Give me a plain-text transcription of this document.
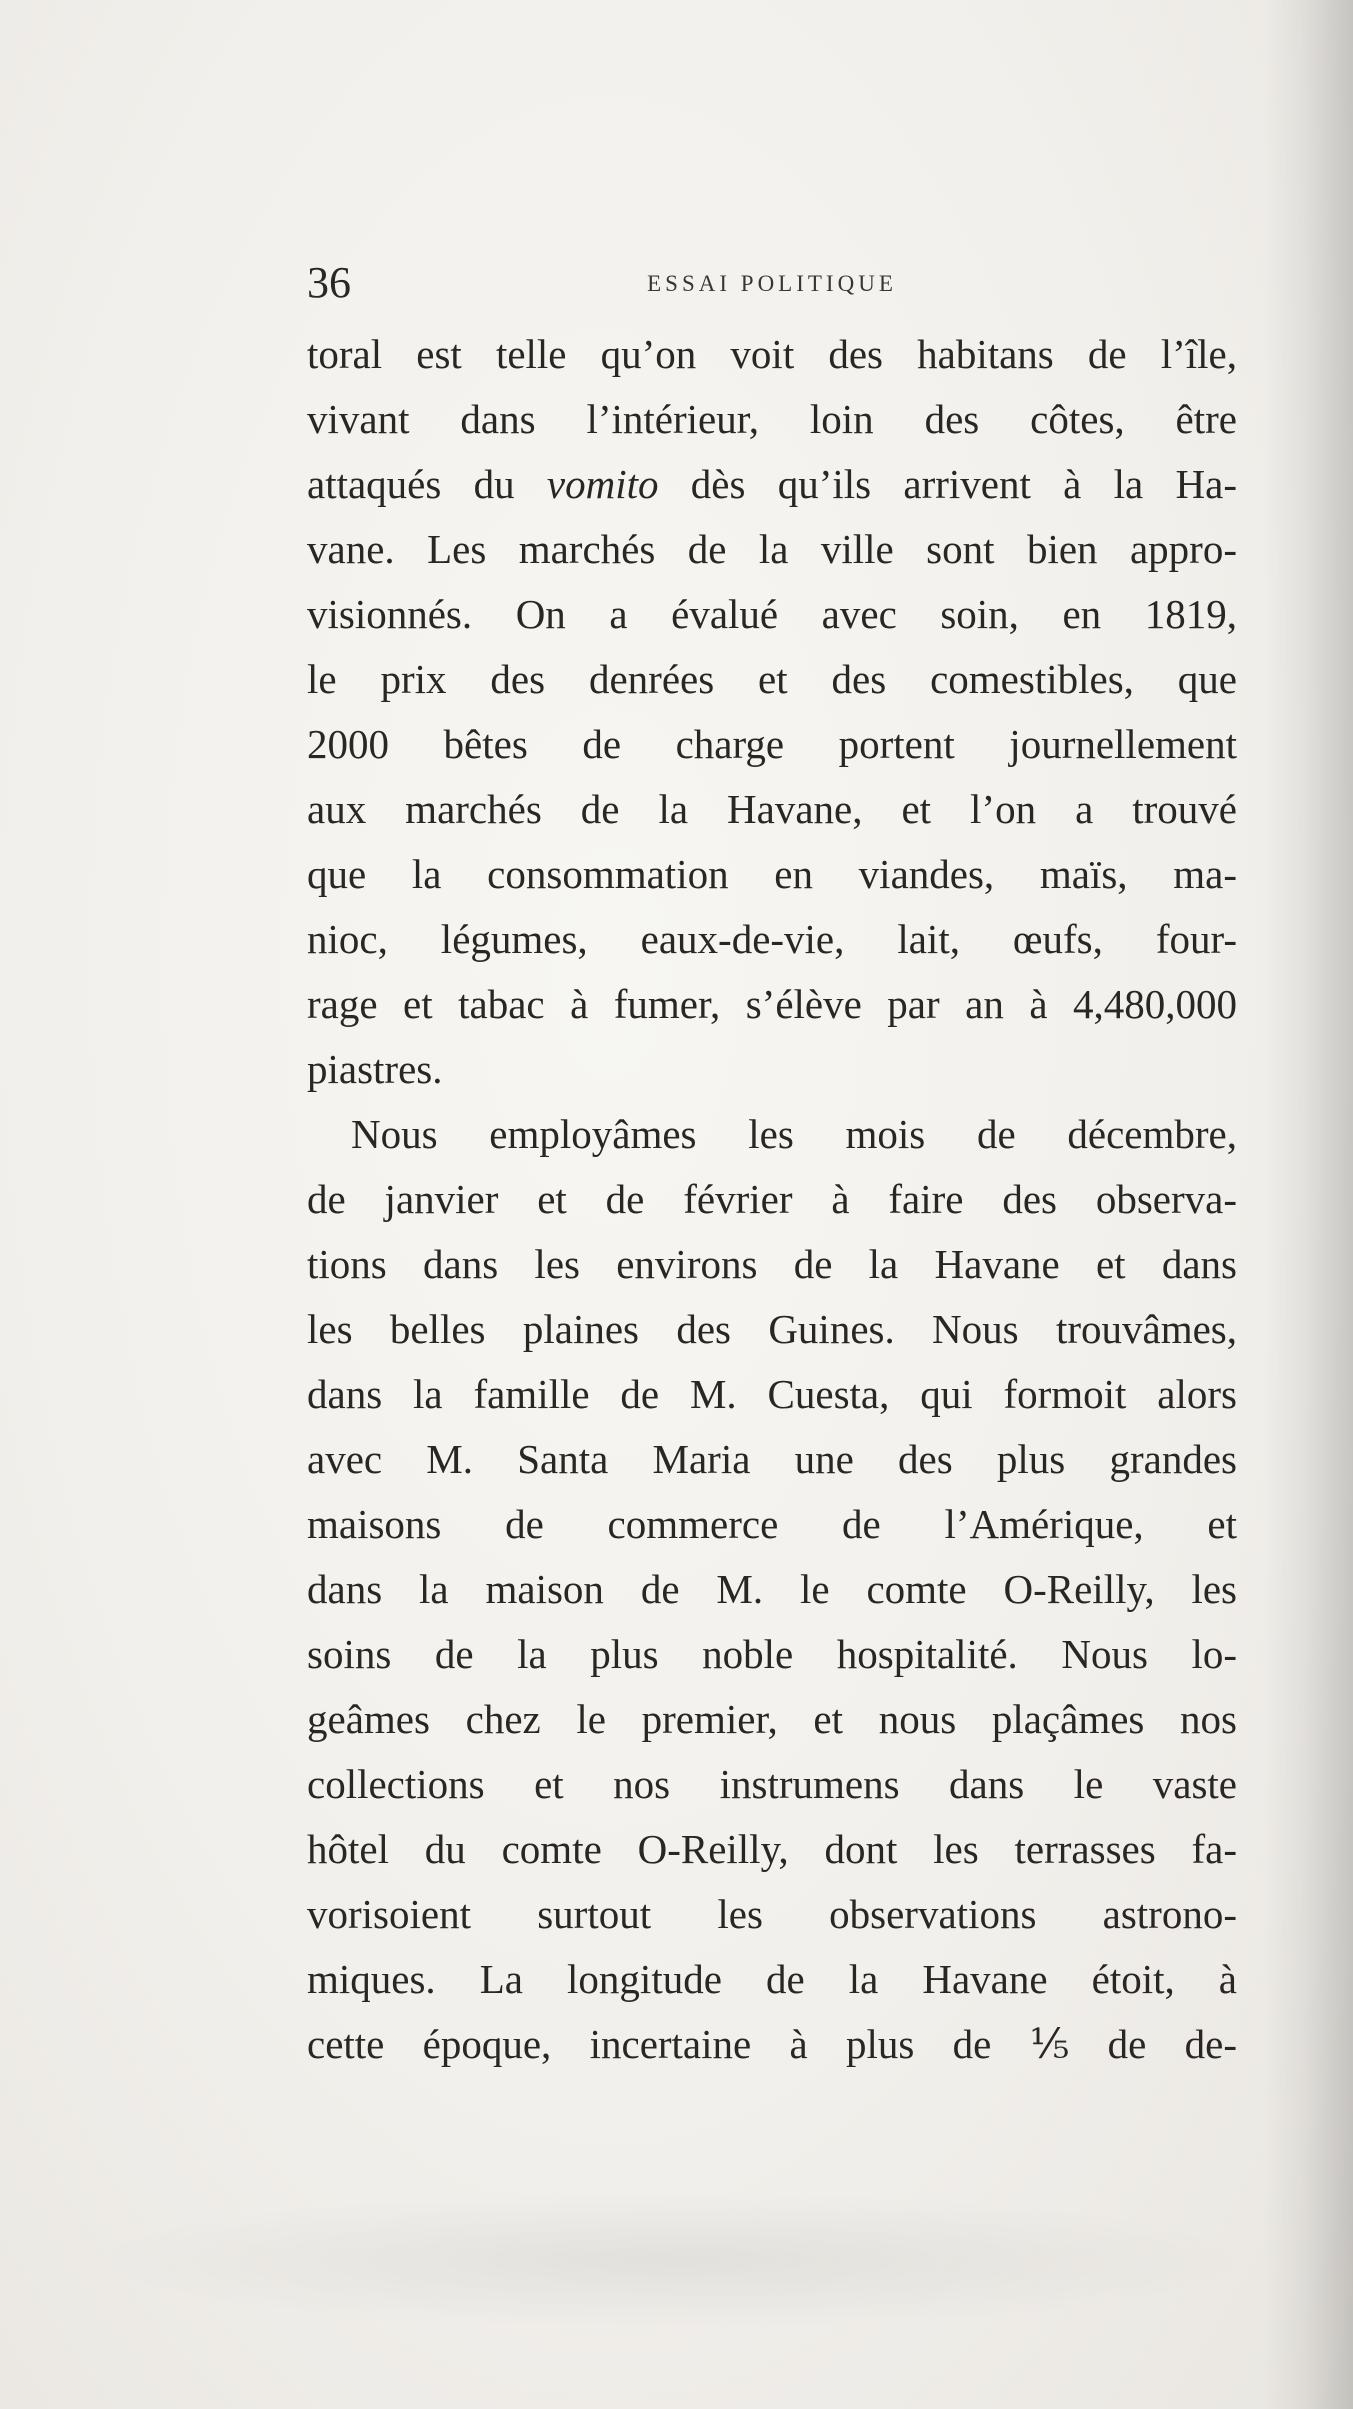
36	ESSAI POLITIQUE
toral est telle qu’on voit des habitans de l’île,
vivant dans l’intérieur, loin des côtes, être
attaqués du vomito dès qu’ils arrivent à la Ha-
vane. Les marchés de la ville sont bien appro-
visionnés. On a évalué avec soin, en 1819,
le prix des denrées et des comestibles, que
2000 bêtes de charge portent journellement
aux marchés de la Havane, et l’on a trouvé
que la consommation en viandes, maïs, ma-
nioc, légumes, eaux-de-vie, lait, œufs, four-
rage et tabac à fumer, s’élève par an à 4,480,000
piastres.
Nous employâmes les mois de décembre,
de janvier et de février à faire des observa-
tions dans les environs de la Havane et dans
les belles plaines des Guines. Nous trouvâmes,
dans la famille de M. Cuesta, qui formoit alors
avec M. Santa Maria une des plus grandes
maisons de commerce de l’Amérique, et
dans la maison de M. le comte O-Reilly, les
soins de la plus noble hospitalité. Nous lo-
geâmes chez le premier, et nous plaçâmes nos
collections et nos instrumens dans le vaste
hôtel du comte O-Reilly, dont les terrasses fa-
vorisoient surtout les observations astrono-
miques. La longitude de la Havane étoit, à
cette époque, incertaine à plus de ⅕ de de-
